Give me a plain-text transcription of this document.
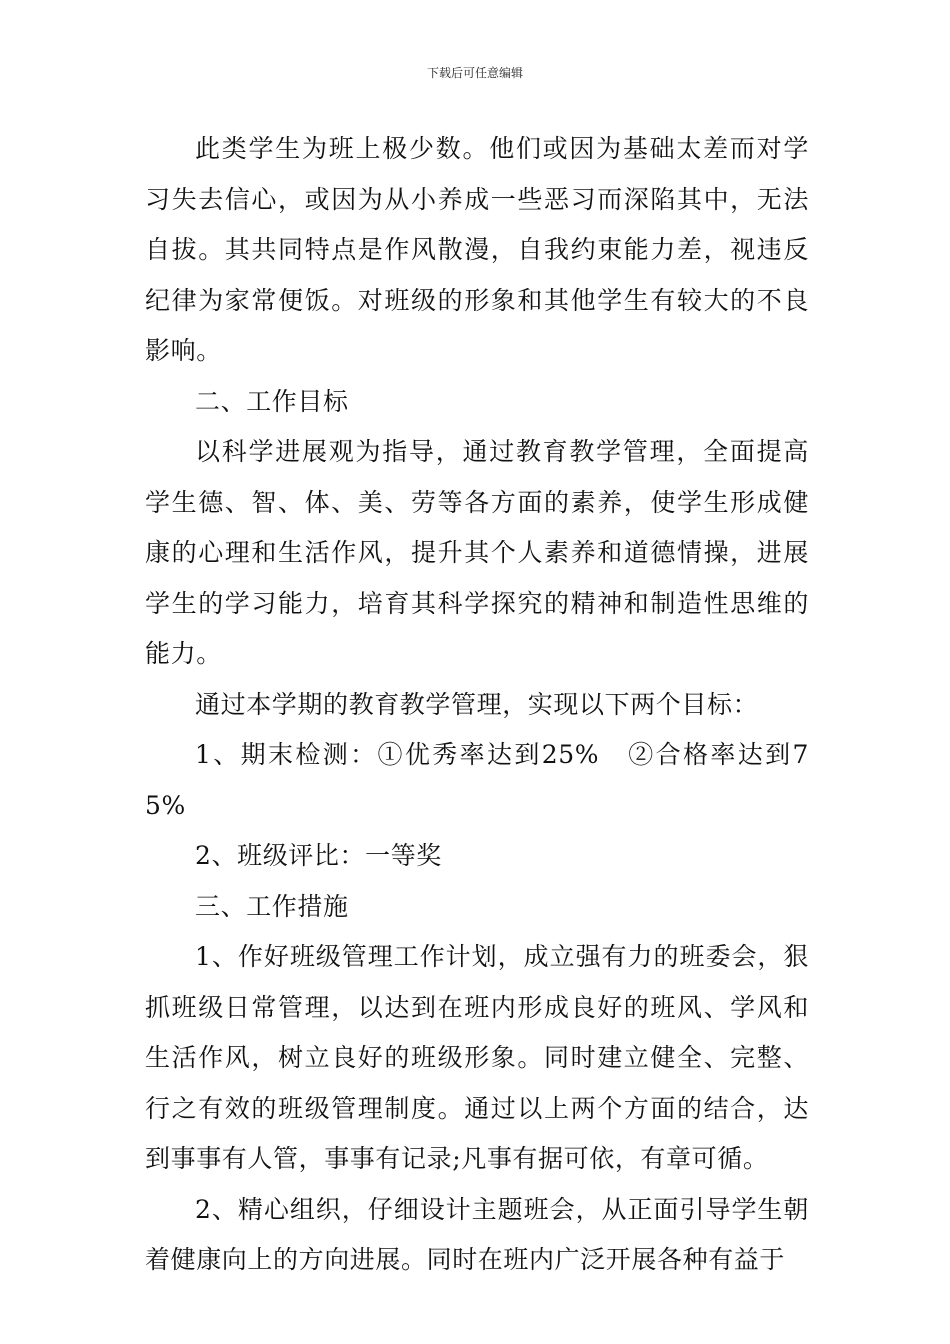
下载后可任意编辑

此类学生为班上极少数。他们或因为基础太差而对学习失去信心，或因为从小养成一些恶习而深陷其中，无法自拔。其共同特点是作风散漫，自我约束能力差，视违反纪律为家常便饭。对班级的形象和其他学生有较大的不良影响。

二、工作目标

以科学进展观为指导，通过教育教学管理，全面提高学生德、智、体、美、劳等各方面的素养，使学生形成健康的心理和生活作风，提升其个人素养和道德情操，进展学生的学习能力，培育其科学探究的精神和制造性思维的能力。

通过本学期的教育教学管理，实现以下两个目标：

1、期末检测：①优秀率达到25%　②合格率达到75%

2、班级评比：一等奖

三、工作措施

1、作好班级管理工作计划，成立强有力的班委会，狠抓班级日常管理，以达到在班内形成良好的班风、学风和生活作风，树立良好的班级形象。同时建立健全、完整、行之有效的班级管理制度。通过以上两个方面的结合，达到事事有人管，事事有记录;凡事有据可依，有章可循。

2、精心组织，仔细设计主题班会，从正面引导学生朝着健康向上的方向进展。同时在班内广泛开展各种有益于
